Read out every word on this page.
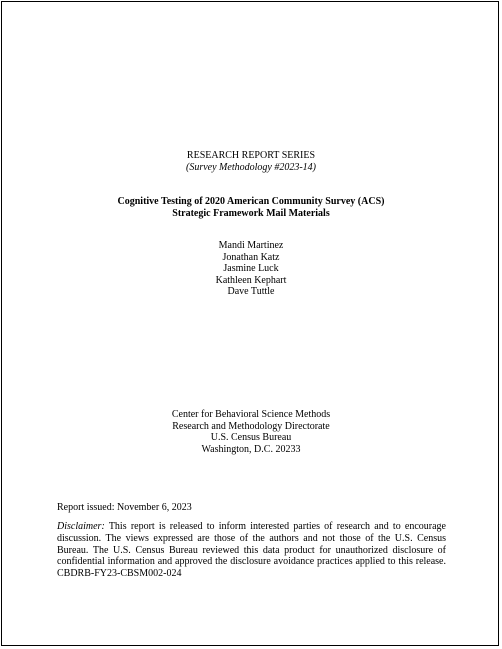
RESEARCH REPORT SERIES
(Survey Methodology #2023-14)
Cognitive Testing of 2020 American Community Survey (ACS)
Strategic Framework Mail Materials
Mandi Martinez
Jonathan Katz
Jasmine Luck
Kathleen Kephart
Dave Tuttle
Center for Behavioral Science Methods
Research and Methodology Directorate
U.S. Census Bureau
Washington, D.C. 20233
Report issued: November 6, 2023
Disclaimer: This report is released to inform interested parties of research and to encourage discussion. The views expressed are those of the authors and not those of the U.S. Census Bureau. The U.S. Census Bureau reviewed this data product for unauthorized disclosure of confidential information and approved the disclosure avoidance practices applied to this release. CBDRB-FY23-CBSM002-024
